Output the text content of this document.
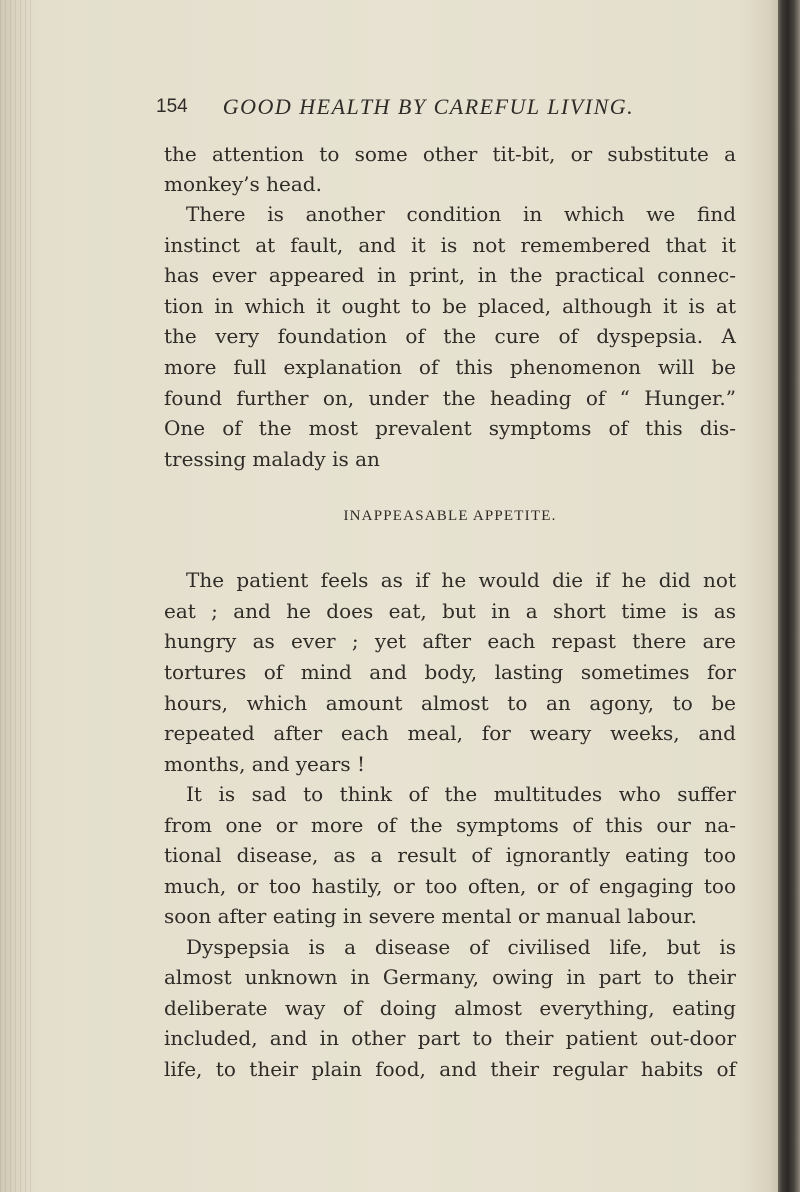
154 GOOD HEALTH BY CAREFUL LIVING.
the attention to some other tit-bit, or substitute a
monkey’s head.
There is another condition in which we find
instinct at fault, and it is not remembered that it
has ever appeared in print, in the practical connec-
tion in which it ought to be placed, although it is at
the very foundation of the cure of dyspepsia. A
more full explanation of this phenomenon will be
found further on, under the heading of “ Hunger.”
One of the most prevalent symptoms of this dis-
tressing malady is an
INAPPEASABLE APPETITE.
The patient feels as if he would die if he did not
eat ; and he does eat, but in a short time is as
hungry as ever ; yet after each repast there are
tortures of mind and body, lasting sometimes for
hours, which amount almost to an agony, to be
repeated after each meal, for weary weeks, and
months, and years !
It is sad to think of the multitudes who suffer
from one or more of the symptoms of this our na-
tional disease, as a result of ignorantly eating too
much, or too hastily, or too often, or of engaging too
soon after eating in severe mental or manual labour.
Dyspepsia is a disease of civilised life, but is
almost unknown in Germany, owing in part to their
deliberate way of doing almost everything, eating
included, and in other part to their patient out-door
life, to their plain food, and their regular habits of
